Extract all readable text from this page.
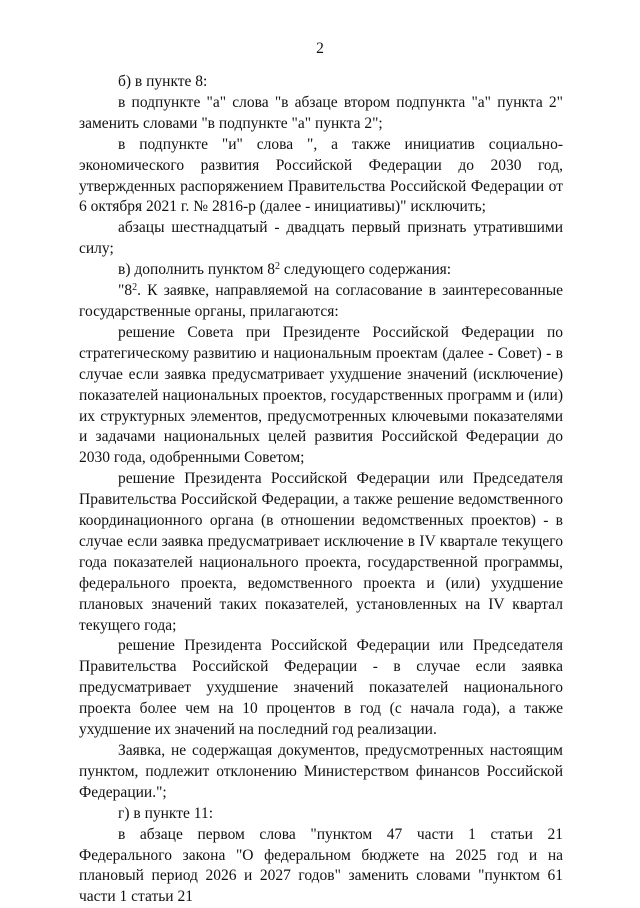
2

б) в пункте 8:

в подпункте "а" слова "в абзаце втором подпункта "а" пункта 2" заменить словами "в подпункте "а" пункта 2";

в подпункте "и" слова ", а также инициатив социально-экономического развития Российской Федерации до 2030 год, утвержденных распоряжением Правительства Российской Федерации от 6 октября 2021 г. № 2816-р (далее - инициативы)" исключить;

абзацы шестнадцатый - двадцать первый признать утратившими силу;

в) дополнить пунктом $8^2$ следующего содержания:

"$8^2$. К заявке, направляемой на согласование в заинтересованные государственные органы, прилагаются:

решение Совета при Президенте Российской Федерации по стратегическому развитию и национальным проектам (далее - Совет) - в случае если заявка предусматривает ухудшение значений (исключение) показателей национальных проектов, государственных программ и (или) их структурных элементов, предусмотренных ключевыми показателями и задачами национальных целей развития Российской Федерации до 2030 года, одобренными Советом;

решение Президента Российской Федерации или Председателя Правительства Российской Федерации, а также решение ведомственного координационного органа (в отношении ведомственных проектов) - в случае если заявка предусматривает исключение в IV квартале текущего года показателей национального проекта, государственной программы, федерального проекта, ведомственного проекта и (или) ухудшение плановых значений таких показателей, установленных на IV квартал текущего года;

решение Президента Российской Федерации или Председателя Правительства Российской Федерации - в случае если заявка предусматривает ухудшение значений показателей национального проекта более чем на 10 процентов в год (с начала года), а также ухудшение их значений на последний год реализации.

Заявка, не содержащая документов, предусмотренных настоящим пунктом, подлежит отклонению Министерством финансов Российской Федерации.";

г) в пункте 11:

в абзаце первом слова "пунктом 47 части 1 статьи 21 Федерального закона "О федеральном бюджете на 2025 год и на плановый период 2026 и 2027 годов" заменить словами "пунктом 61 части 1 статьи 21
